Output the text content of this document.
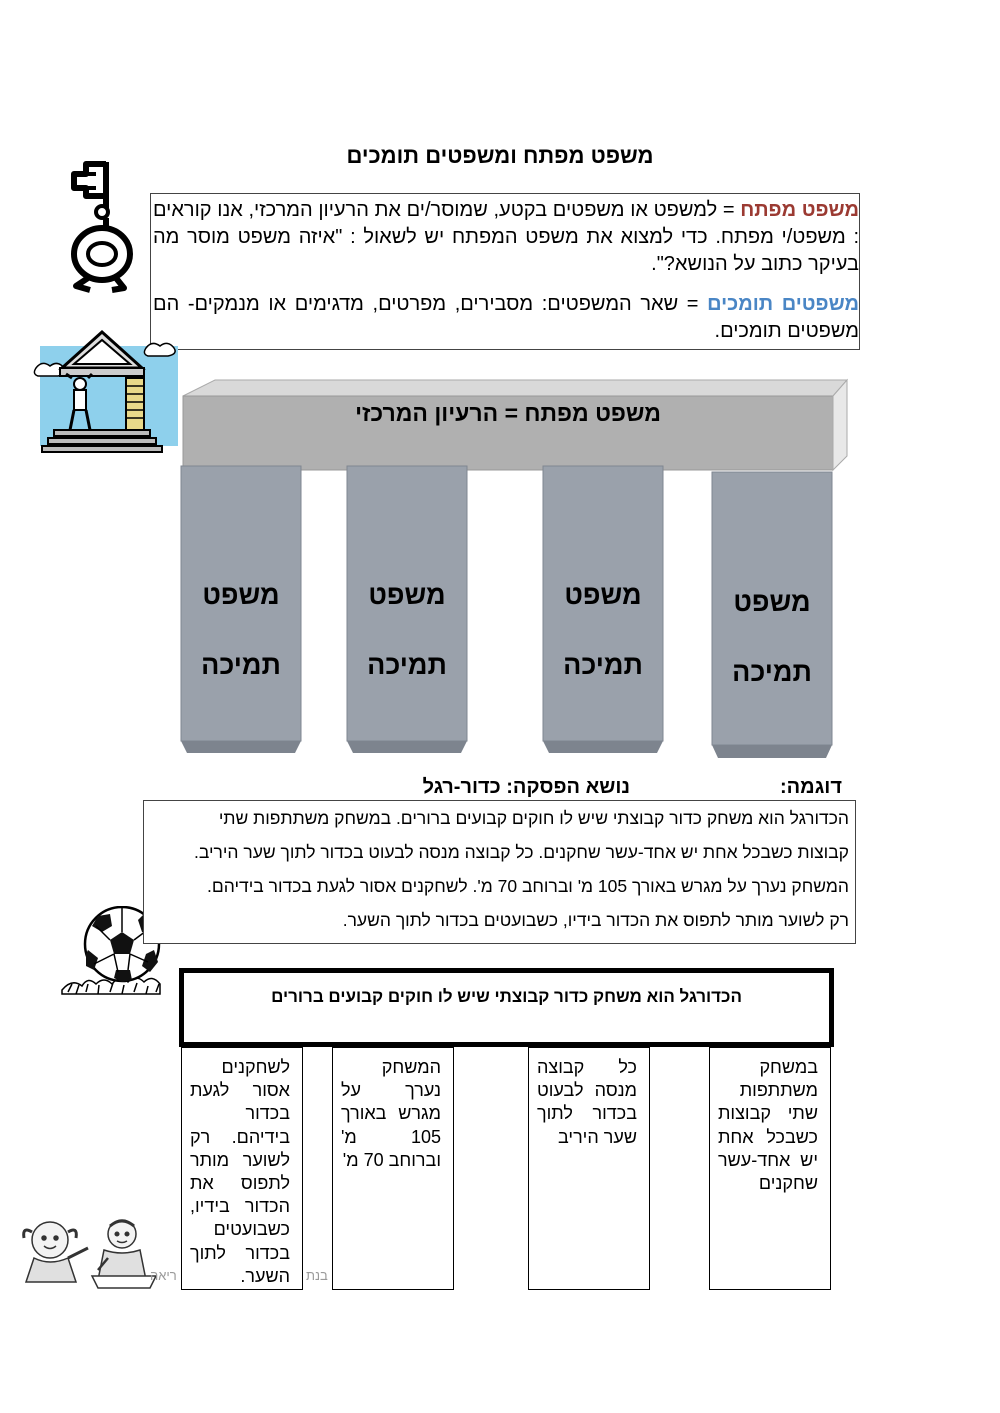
משפט מפתח ומשפטים תומכים

משפט מפתח = למשפט או משפטים בקטע, שמוסר/ים את הרעיון המרכזי, אנו קוראים : משפט/י מפתח. כדי למצוא את משפט המפתח יש לשאול : "איזה משפט מוסר מה בעיקר כתוב על הנושא?".

משפטים תומכים = שאר המשפטים: מסבירים, מפרטים, מדגימים או מנמקים- הם משפטים תומכים.

משפט מפתח = הרעיון המרכזי
משפט
תמיכה
משפט
תמיכה
משפט
תמיכה
משפט
תמיכה
דוגמה:
נושא הפסקה: כדור-רגל

הכדורגל הוא משחק כדור קבוצתי שיש לו חוקים קבועים ברורים. במשחק משתתפות שתי

קבוצות כשבכל אחת יש אחד-עשר שחקנים. כל קבוצה מנסה לבעוט בכדור לתוך שער היריב.

המשחק נערך על מגרש באורך 105 מ' וברוחב 70 מ'. לשחקנים אסור לגעת בכדור בידיהם.

רק לשוער מותר לתפוס את הכדור בידיו, כשבועטים בכדור לתוך השער.

הכדורגל הוא משחק כדור קבוצתי שיש לו חוקים קבועים ברורים
במשחק משתתפות שתי קבוצות כשבכל אחת יש אחד-עשר שחקנים
כל קבוצה מנסה לבעוט בכדור לתוך שער היריב
המשחק נערך על מגרש באורך 105 מ' וברוחב 70 מ'
לשחקנים אסור לגעת בכדור בידיהם. רק לשוער מותר לתפוס את הכדור בידיו, כשבועטים בכדור לתוך השער.
ריאה	בנת
